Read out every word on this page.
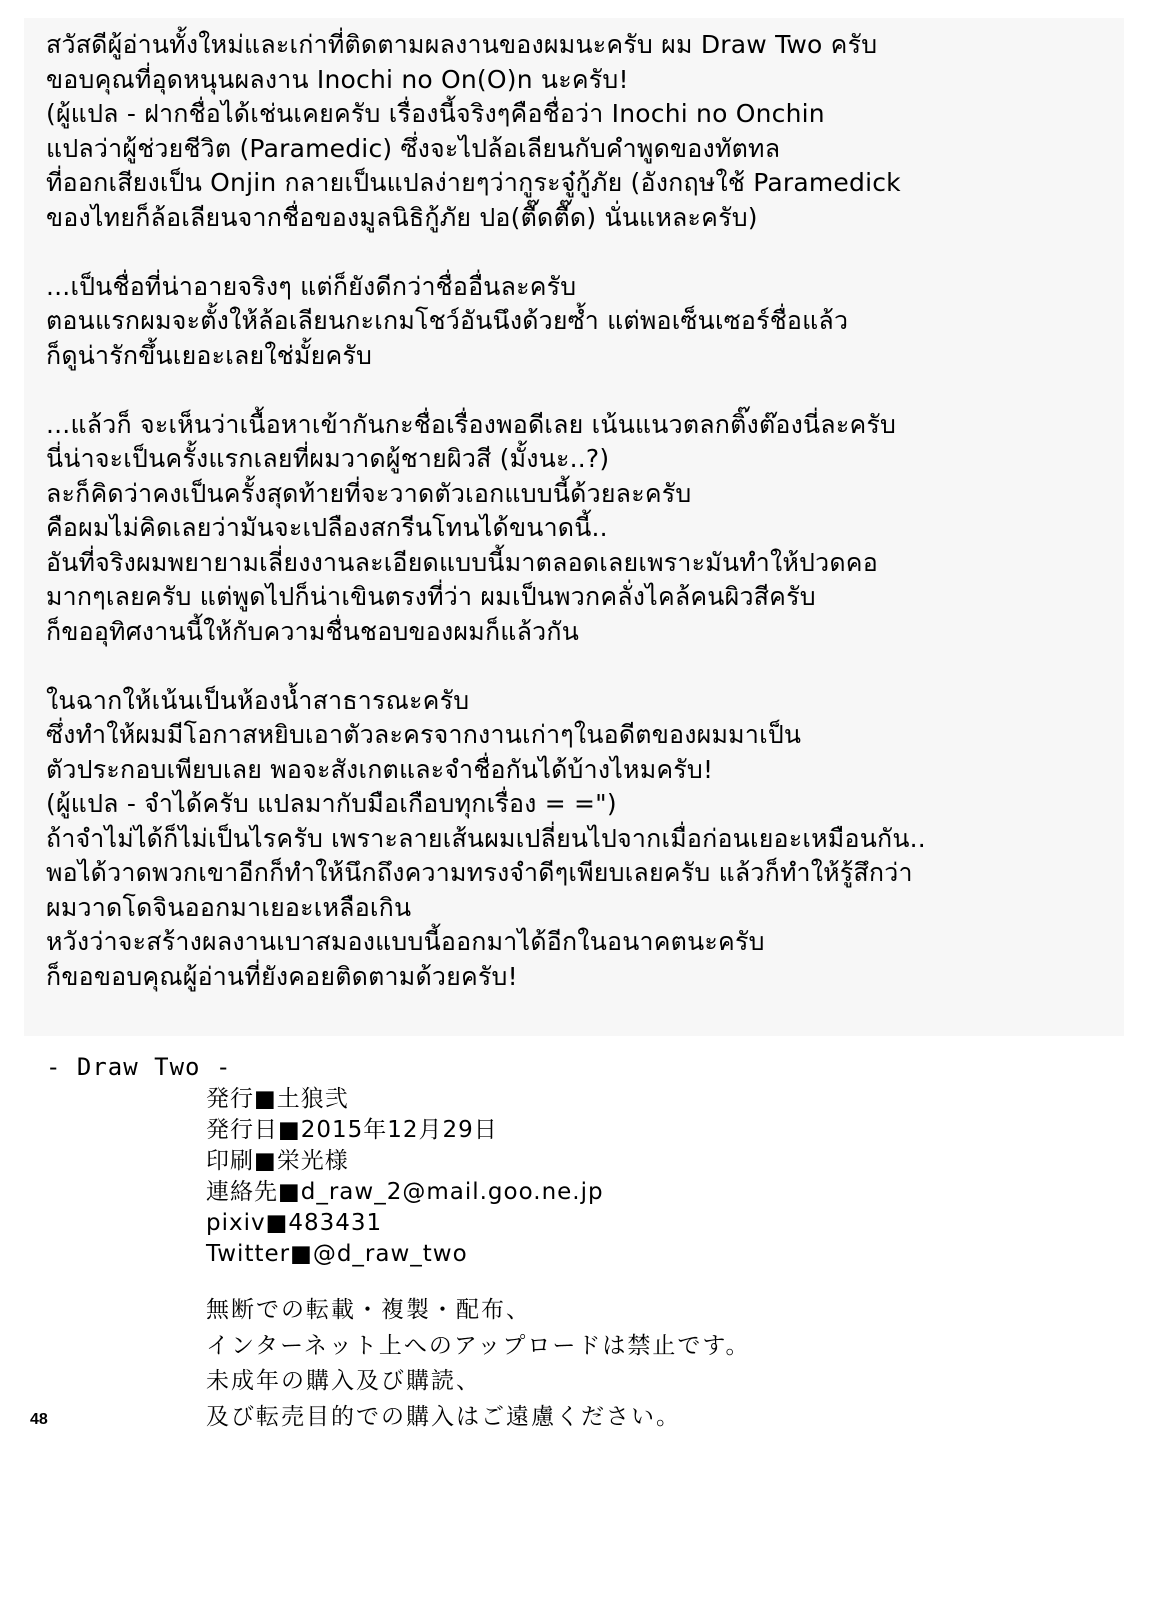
สวัสดีผู้อ่านทั้งใหม่และเก่าที่ติดตามผลงานของผมนะครับ ผม Draw Two ครับ
ขอบคุณที่อุดหนุนผลงาน Inochi no On(O)n นะครับ!
(ผู้แปล - ฝากชื่อได้เช่นเคยครับ เรื่องนี้จริงๆคือชื่อว่า Inochi no Onchin
แปลว่าผู้ช่วยชีวิต (Paramedic) ซึ่งจะไปล้อเลียนกับคำพูดของทัตทล
ที่ออกเสียงเป็น Onjin กลายเป็นแปลง่ายๆว่ากูระจู๋กู้ภัย (อังกฤษใช้ Paramedick
ของไทยก็ล้อเลียนจากชื่อของมูลนิธิกู้ภัย ปอ(ตื๊ดตื๊ด) นั่นแหละครับ)
...เป็นชื่อที่น่าอายจริงๆ แต่ก็ยังดีกว่าชื่ออื่นละครับ
ตอนแรกผมจะตั้งให้ล้อเลียนกะเกมโชว์อันนึงด้วยซ้ำ แต่พอเซ็นเซอร์ชื่อแล้ว
ก็ดูน่ารักขึ้นเยอะเลยใช่มั้ยครับ
...แล้วก็ จะเห็นว่าเนื้อหาเข้ากันกะชื่อเรื่องพอดีเลย เน้นแนวตลกติ๊งต๊องนี่ละครับ
นี่น่าจะเป็นครั้งแรกเลยที่ผมวาดผู้ชายผิวสี (มั้งนะ..?)
ละก็คิดว่าคงเป็นครั้งสุดท้ายที่จะวาดตัวเอกแบบนี้ด้วยละครับ
คือผมไม่คิดเลยว่ามันจะเปลืองสกรีนโทนได้ขนาดนี้..
อันที่จริงผมพยายามเลี่ยงงานละเอียดแบบนี้มาตลอดเลยเพราะมันทำให้ปวดคอ
มากๆเลยครับ แต่พูดไปก็น่าเขินตรงที่ว่า ผมเป็นพวกคลั่งไคล้คนผิวสีครับ
ก็ขออุทิศงานนี้ให้กับความชื่นชอบของผมก็แล้วกัน
ในฉากให้เน้นเป็นห้องน้ำสาธารณะครับ
ซึ่งทำให้ผมมีโอกาสหยิบเอาตัวละครจากงานเก่าๆในอดีตของผมมาเป็น
ตัวประกอบเพียบเลย พอจะสังเกตและจำชื่อกันได้บ้างไหมครับ!
(ผู้แปล - จำได้ครับ แปลมากับมือเกือบทุกเรื่อง = =")
ถ้าจำไม่ได้ก็ไม่เป็นไรครับ เพราะลายเส้นผมเปลี่ยนไปจากเมื่อก่อนเยอะเหมือนกัน..
พอได้วาดพวกเขาอีกก็ทำให้นึกถึงความทรงจำดีๆเพียบเลยครับ แล้วก็ทำให้รู้สึกว่า
ผมวาดโดจินออกมาเยอะเหลือเกิน
หวังว่าจะสร้างผลงานเบาสมองแบบนี้ออกมาได้อีกในอนาคตนะครับ
ก็ขอขอบคุณผู้อ่านที่ยังคอยติดตามด้วยครับ!
- Draw Two -
発行■土狼弐
発行日■2015年12月29日
印刷■栄光様
連絡先■d_raw_2@mail.goo.ne.jp
pixiv■483431
Twitter■@d_raw_two
無断での転載・複製・配布、
インターネット上へのアップロードは禁止です。
未成年の購入及び購読、
及び転売目的での購入はご遠慮ください。
48
